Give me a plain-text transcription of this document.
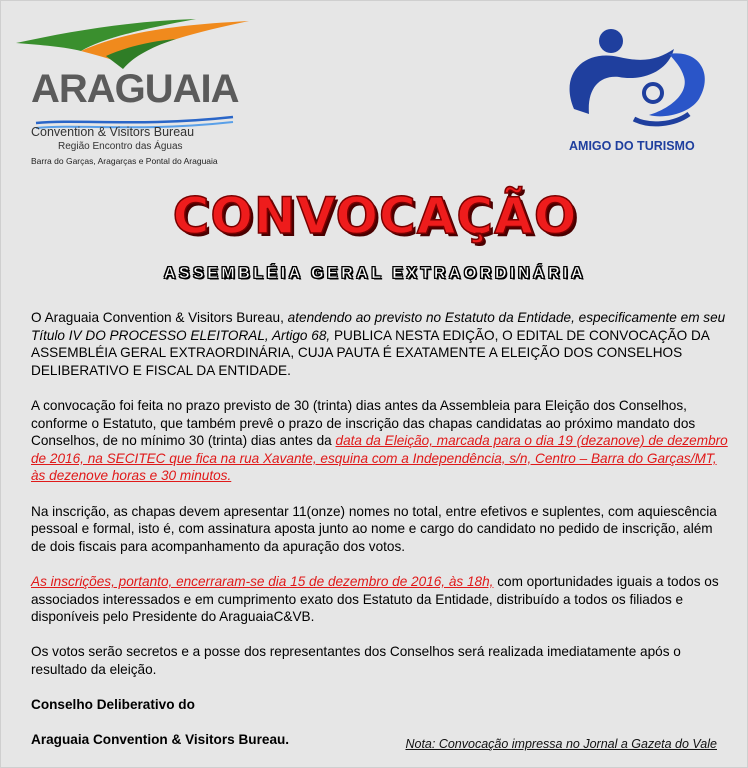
ARAGUAIA
Convention & Visitors Bureau
Região Encontro das Águas
Barra do Garças, Aragarças e Pontal do Araguaia
AMIGO DO TURISMO
CONVOCAÇÃO
ASSEMBLÉIA GERAL EXTRAORDINÁRIA

O Araguaia Convention & Visitors Bureau, atendendo ao previsto no Estatuto da Entidade, especificamente em seu Título IV DO PROCESSO ELEITORAL, Artigo 68, PUBLICA NESTA EDIÇÃO, O EDITAL DE CONVOCAÇÃO DA ASSEMBLÉIA GERAL EXTRAORDINÁRIA, CUJA PAUTA É EXATAMENTE A ELEIÇÃO DOS CONSELHOS DELIBERATIVO E FISCAL DA ENTIDADE.

A convocação foi feita no prazo previsto de 30 (trinta) dias antes da Assembleia para Eleição dos Conselhos, conforme o Estatuto, que também prevê o prazo de inscrição das chapas candidatas ao próximo mandato dos Conselhos, de no mínimo 30 (trinta) dias antes da data da Eleição, marcada para o dia 19 (dezanove) de dezembro de 2016, na SECITEC que fica na rua Xavante, esquina com a Independência, s/n, Centro – Barra do Garças/MT, às dezenove horas e 30 minutos.

Na inscrição, as chapas devem apresentar 11(onze) nomes no total, entre efetivos e suplentes, com aquiescência pessoal e formal, isto é, com assinatura aposta junto ao nome e cargo do candidato no pedido de inscrição, além de dois fiscais para acompanhamento da apuração dos votos.

As inscrições, portanto, encerraram-se dia 15 de dezembro de 2016, às 18h, com oportunidades iguais a todos os associados interessados e em cumprimento exato dos Estatuto da Entidade, distribuído a todos os filiados e disponíveis pelo Presidente do AraguaiaC&VB.

Os votos serão secretos e a posse dos representantes dos Conselhos será realizada imediatamente após o resultado da eleição.

Conselho Deliberativo do

Araguaia Convention & Visitors Bureau.	Nota: Convocação impressa no Jornal a Gazeta do Vale
